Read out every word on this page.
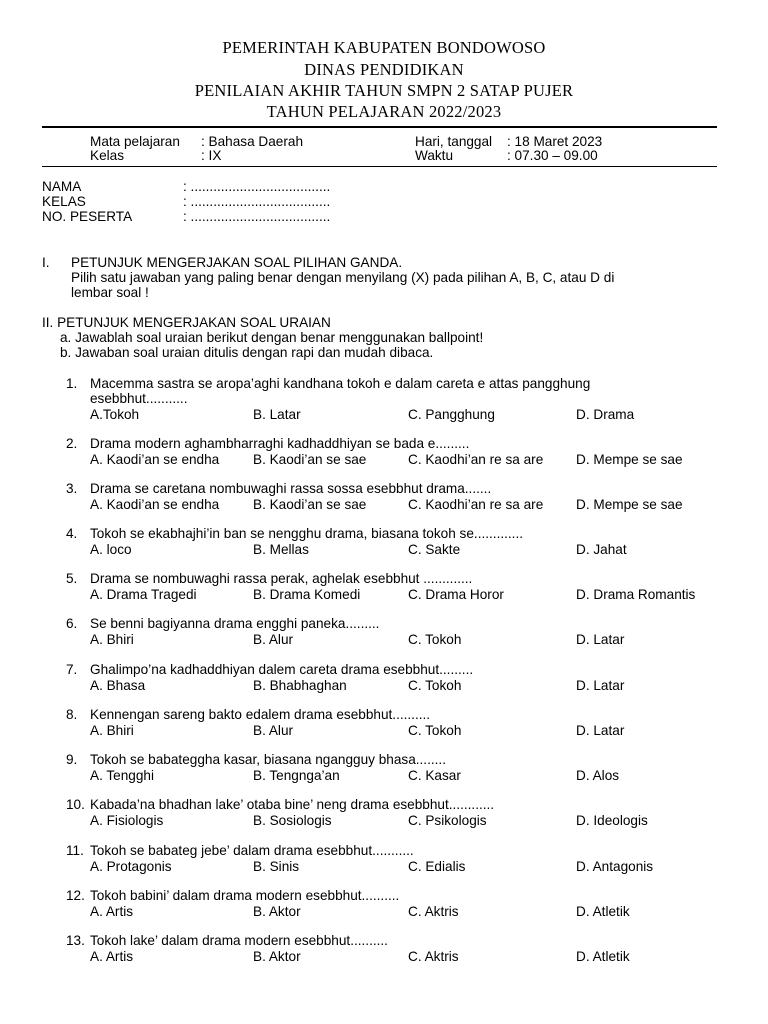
PEMERINTAH KABUPATEN BONDOWOSO
DINAS PENDIDIKAN
PENILAIAN AKHIR TAHUN SMPN 2 SATAP PUJER
TAHUN PELAJARAN 2022/2023
Mata pelajaran : Bahasa Daerah
Kelas	: IX
Hari, tanggal : 18 Maret 2023
Waktu	: 07.30 – 09.00
NAMA	: .....................................
KELAS	: .....................................
NO. PESERTA	: .....................................
I. PETUNJUK MENGERJAKAN SOAL PILIHAN GANDA.
Pilih satu jawaban yang paling benar dengan menyilang (X) pada pilihan A, B, C, atau D di
lembar soal !
II. PETUNJUK MENGERJAKAN SOAL URAIAN
a. Jawablah soal uraian berikut dengan benar menggunakan ballpoint!
b. Jawaban soal uraian ditulis dengan rapi dan mudah dibaca.
1. Macemma sastra se aropa’aghi kandhana tokoh e dalam careta e attas pangghung
esebbhut...........
A.Tokoh	B. Latar	C. Pangghung	D. Drama
2. Drama modern aghambharraghi kadhaddhiyan se bada e.........
A. Kaodi’an se endha B. Kaodi’an se sae	C. Kaodhi’an re sa are D. Mempe se sae
3. Drama se caretana nombuwaghi rassa sossa esebbhut drama.......
A. Kaodi’an se endha B. Kaodi’an se sae	C. Kaodhi’an re sa are D. Mempe se sae
4. Tokoh se ekabhajhi’in ban se nengghu drama, biasana tokoh se.............
A. loco	B. Mellas	C. Sakte	D. Jahat
5. Drama se nombuwaghi rassa perak, aghelak esebbhut .............
A. Drama Tragedi	B. Drama Komedi	C. Drama Horor	D. Drama Romantis
6. Se benni bagiyanna drama engghi paneka.........
A. Bhiri	B. Alur	C. Tokoh	D. Latar
7. Ghalimpo’na kadhaddhiyan dalem careta drama esebbhut.........
A. Bhasa	B. Bhabhaghan	C. Tokoh	D. Latar
8. Kennengan sareng bakto edalem drama esebbhut..........
A. Bhiri	B. Alur	C. Tokoh	D. Latar
9. Tokoh se babateggha kasar, biasana ngangguy bhasa........
A. Tengghi	B. Tengnga’an	C. Kasar	D. Alos
10. Kabada’na bhadhan lake’ otaba bine’ neng drama esebbhut............
A. Fisiologis	B. Sosiologis	C. Psikologis	D. Ideologis
11. Tokoh se babateg jebe’ dalam drama esebbhut...........
A. Protagonis	B. Sinis	C. Edialis	D. Antagonis
12. Tokoh babini’ dalam drama modern esebbhut..........
A. Artis	B. Aktor	C. Aktris	D. Atletik
13. Tokoh lake’ dalam drama modern esebbhut..........
A. Artis	B. Aktor	C. Aktris	D. Atletik
